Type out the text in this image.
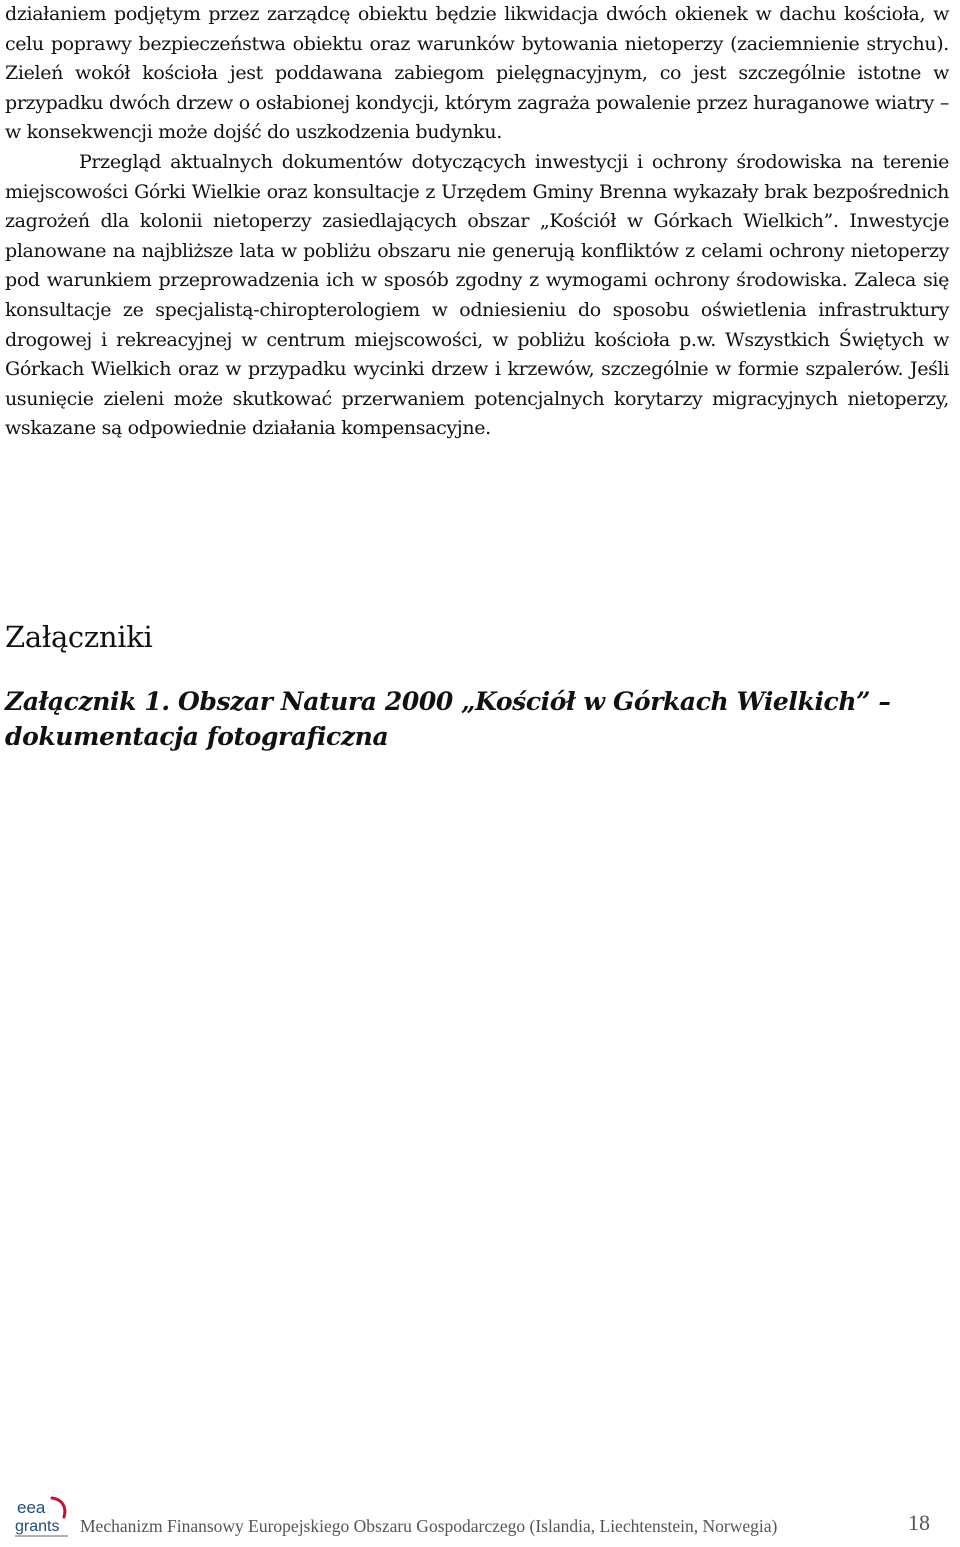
działaniem podjętym przez zarządcę obiektu będzie likwidacja dwóch okienek w dachu kościoła, w celu poprawy bezpieczeństwa obiektu oraz warunków bytowania nietoperzy (zaciemnienie strychu). Zieleń wokół kościoła jest poddawana zabiegom pielęgnacyjnym, co jest szczególnie istotne w przypadku dwóch drzew o osłabionej kondycji, którym zagraża powalenie przez huraganowe wiatry – w konsekwencji może dojść do uszkodzenia budynku.

Przegląd aktualnych dokumentów dotyczących inwestycji i ochrony środowiska na terenie miejscowości Górki Wielkie oraz konsultacje z Urzędem Gminy Brenna wykazały brak bezpośrednich zagrożeń dla kolonii nietoperzy zasiedlających obszar „Kościół w Górkach Wielkich”. Inwestycje planowane na najbliższe lata w pobliżu obszaru nie generują konfliktów z celami ochrony nietoperzy pod warunkiem przeprowadzenia ich w sposób zgodny z wymogami ochrony środowiska. Zaleca się konsultacje ze specjalistą-chiropterologiem w odniesieniu do sposobu oświetlenia infrastruktury drogowej i rekreacyjnej w centrum miejscowości, w pobliżu kościoła p.w. Wszystkich Świętych w Górkach Wielkich oraz w przypadku wycinki drzew i krzewów, szczególnie w formie szpalerów. Jeśli usunięcie zieleni może skutkować przerwaniem potencjalnych korytarzy migracyjnych nietoperzy, wskazane są odpowiednie działania kompensacyjne.

Załączniki
Załącznik 1. Obszar Natura 2000 „Kościół w Górkach Wielkich” – dokumentacja fotograficzna
eea
grants Mechanizm Finansowy Europejskiego Obszaru Gospodarczego (Islandia, Liechtenstein, Norwegia)	18
